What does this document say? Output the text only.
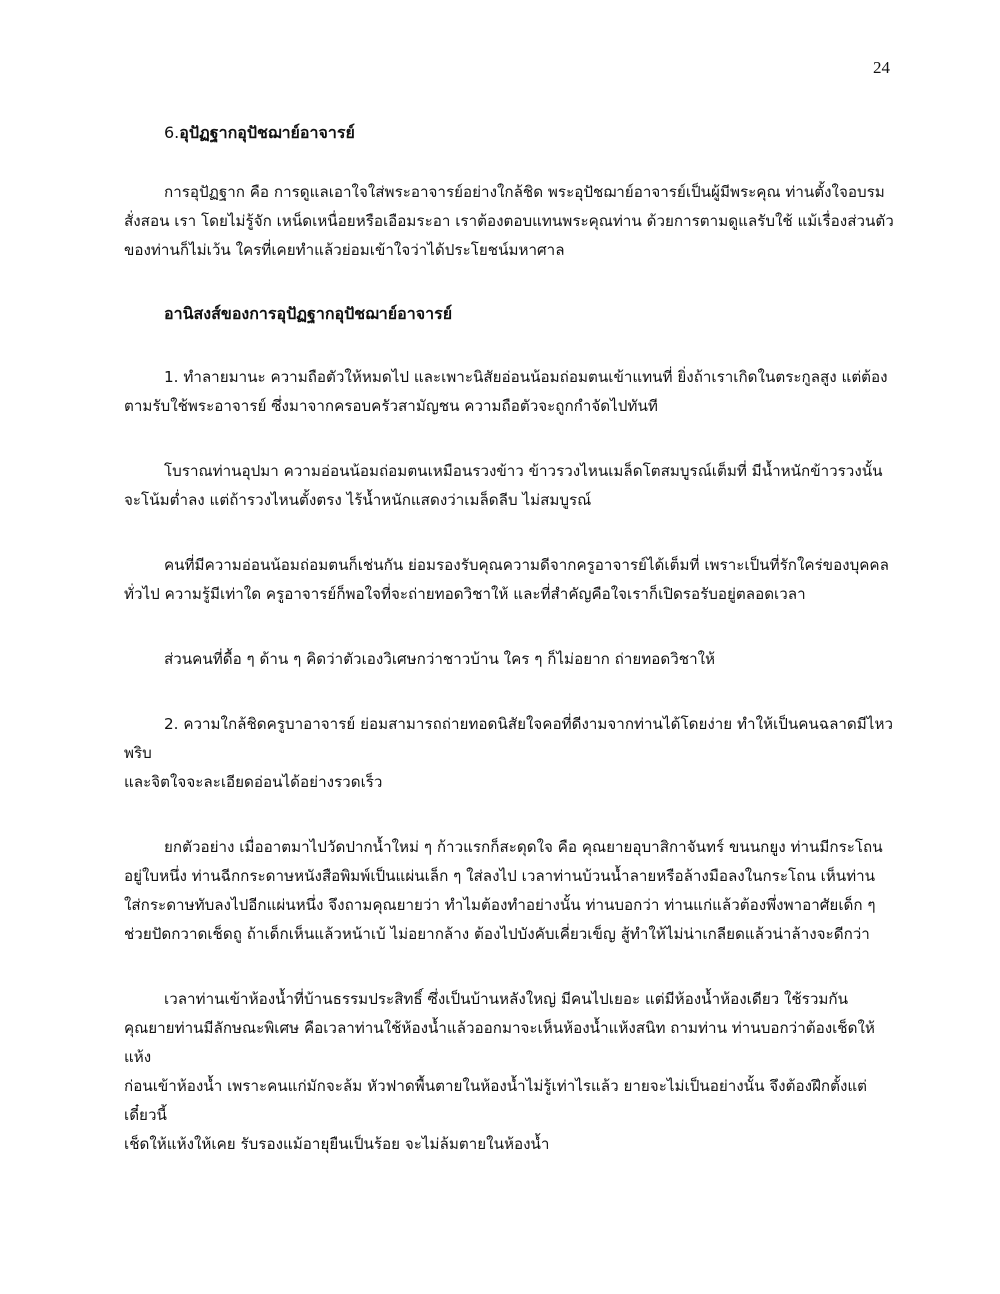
24
6.อุปัฏฐากอุปัชฌาย์อาจารย์

การอุปัฏฐาก คือ การดูแลเอาใจใส่พระอาจารย์อย่างใกล้ชิด พระอุปัชฌาย์อาจารย์เป็นผู้มีพระคุณ ท่านตั้งใจอบรม
สั่งสอน เรา โดยไม่รู้จัก เหน็ดเหนื่อยหรือเอือมระอา เราต้องตอบแทนพระคุณท่าน ด้วยการตามดูแลรับใช้ แม้เรื่องส่วนตัว
ของท่านก็ไม่เว้น ใครที่เคยทำแล้วย่อมเข้าใจว่าได้ประโยชน์มหาศาล

อานิสงส์ของการอุปัฏฐากอุปัชฌาย์อาจารย์

1. ทำลายมานะ ความถือตัวให้หมดไป และเพาะนิสัยอ่อนน้อมถ่อมตนเข้าแทนที่ ยิ่งถ้าเราเกิดในตระกูลสูง แต่ต้อง
ตามรับใช้พระอาจารย์ ซึ่งมาจากครอบครัวสามัญชน ความถือตัวจะถูกกำจัดไปทันที

โบราณท่านอุปมา ความอ่อนน้อมถ่อมตนเหมือนรวงข้าว ข้าวรวงไหนเมล็ดโตสมบูรณ์เต็มที่ มีน้ำหนักข้าวรวงนั้น
จะโน้มต่ำลง แต่ถ้ารวงไหนตั้งตรง ไร้น้ำหนักแสดงว่าเมล็ดลีบ ไม่สมบูรณ์

คนที่มีความอ่อนน้อมถ่อมตนก็เช่นกัน ย่อมรองรับคุณความดีจากครูอาจารย์ได้เต็มที่ เพราะเป็นที่รักใคร่ของบุคคล
ทั่วไป ความรู้มีเท่าใด ครูอาจารย์ก็พอใจที่จะถ่ายทอดวิชาให้ และที่สำคัญคือใจเราก็เปิดรอรับอยู่ตลอดเวลา

ส่วนคนที่ดื้อ ๆ ด้าน ๆ คิดว่าตัวเองวิเศษกว่าชาวบ้าน ใคร ๆ ก็ไม่อยาก ถ่ายทอดวิชาให้

2. ความใกล้ชิดครูบาอาจารย์ ย่อมสามารถถ่ายทอดนิสัยใจคอที่ดีงามจากท่านได้โดยง่าย ทำให้เป็นคนฉลาดมีไหวพริบ
และจิตใจจะละเอียดอ่อนได้อย่างรวดเร็ว

ยกตัวอย่าง เมื่ออาตมาไปวัดปากน้ำใหม่ ๆ ก้าวแรกก็สะดุดใจ คือ คุณยายอุบาสิกาจันทร์ ขนนกยูง ท่านมีกระโถน
อยู่ใบหนึ่ง ท่านฉีกกระดาษหนังสือพิมพ์เป็นแผ่นเล็ก ๆ ใส่ลงไป เวลาท่านบ้วนน้ำลายหรือล้างมือลงในกระโถน เห็นท่าน
ใส่กระดาษทับลงไปอีกแผ่นหนึ่ง จึงถามคุณยายว่า ทำไมต้องทำอย่างนั้น ท่านบอกว่า ท่านแก่แล้วต้องพึ่งพาอาศัยเด็ก ๆ
ช่วยปัดกวาดเช็ดถู ถ้าเด็กเห็นแล้วหน้าเบ้ ไม่อยากล้าง ต้องไปบังคับเคี่ยวเข็ญ สู้ทำให้ไม่น่าเกลียดแล้วน่าล้างจะดีกว่า

เวลาท่านเข้าห้องน้ำที่บ้านธรรมประสิทธิ์ ซึ่งเป็นบ้านหลังใหญ่ มีคนไปเยอะ แต่มีห้องน้ำห้องเดียว ใช้รวมกัน
คุณยายท่านมีลักษณะพิเศษ คือเวลาท่านใช้ห้องน้ำแล้วออกมาจะเห็นห้องน้ำแห้งสนิท ถามท่าน ท่านบอกว่าต้องเช็ดให้แห้ง
ก่อนเข้าห้องน้ำ เพราะคนแก่มักจะล้ม หัวฟาดพื้นตายในห้องน้ำไม่รู้เท่าไรแล้ว ยายจะไม่เป็นอย่างนั้น จึงต้องฝึกตั้งแต่เดี๋ยวนี้
เช็ดให้แห้งให้เคย รับรองแม้อายุยืนเป็นร้อย จะไม่ล้มตายในห้องน้ำ
